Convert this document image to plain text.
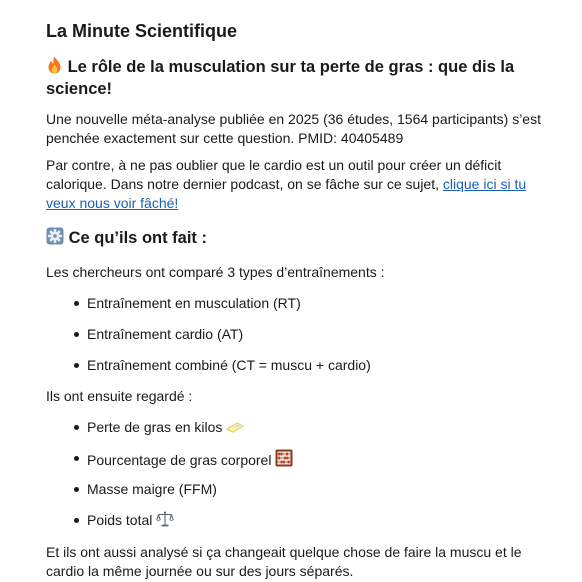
La Minute Scientifique
Le rôle de la musculation sur ta perte de gras : que dis la science!

Une nouvelle méta-analyse publiée en 2025 (36 études, 1564 participants) s’est penchée exactement sur cette question. PMID: 40405489

Par contre, à ne pas oublier que le cardio est un outil pour créer un déficit calorique. Dans notre dernier podcast, on se fâche sur ce sujet, clique ici si tu veux nous voir fâché!

Ce qu’ils ont fait :

Les chercheurs ont comparé 3 types d’entraînements :

Entraînement en musculation (RT)
Entraînement cardio (AT)
Entraînement combiné (CT = muscu + cardio)

Ils ont ensuite regardé :

Perte de gras en kilos
Pourcentage de gras corporel
Masse maigre (FFM)
Poids total

Et ils ont aussi analysé si ça changeait quelque chose de faire la muscu et le cardio la même journée ou sur des jours séparés.
